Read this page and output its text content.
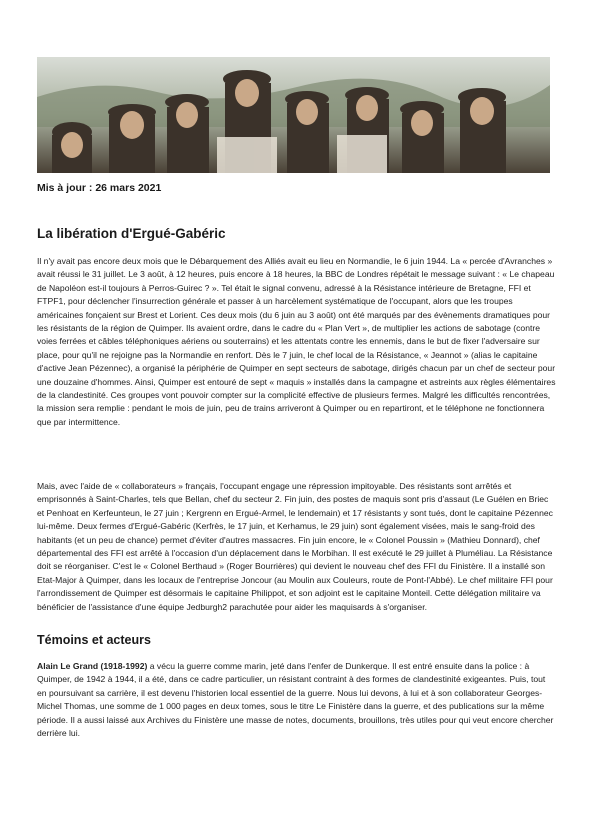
Mis à jour : 26 mars 2021
La libération d'Ergué-Gabéric

Il n'y avait pas encore deux mois que le Débarquement des Alliés avait eu lieu en Normandie, le 6 juin 1944. La « percée d'Avranches » avait réussi le 31 juillet. Le 3 août, à 12 heures, puis encore à 18 heures, la BBC de Londres répétait le message suivant : « Le chapeau de Napoléon est-il toujours à Perros-Guirec ? ». Tel était le signal convenu, adressé à la Résistance intérieure de Bretagne, FFI et FTPF1, pour déclencher l'insurrection générale et passer à un harcèlement systématique de l'occupant, alors que les troupes américaines fonçaient sur Brest et Lorient. Ces deux mois (du 6 juin au 3 août) ont été marqués par des évènements dramatiques pour les résistants de la région de Quimper. Ils avaient ordre, dans le cadre du « Plan Vert », de multiplier les actions de sabotage (contre voies ferrées et câbles téléphoniques aériens ou souterrains) et les attentats contre les ennemis, dans le but de fixer l'adversaire sur place, pour qu'il ne rejoigne pas la Normandie en renfort. Dès le 7 juin, le chef local de la Résistance, « Jeannot » (alias le capitaine d'active Jean Pézennec), a organisé la périphérie de Quimper en sept secteurs de sabotage, dirigés chacun par un chef de secteur pour une douzaine d'hommes. Ainsi, Quimper est entouré de sept « maquis » installés dans la campagne et astreints aux règles élémentaires de la clandestinité. Ces groupes vont pouvoir compter sur la complicité effective de plusieurs fermes. Malgré les difficultés rencontrées, la mission sera remplie : pendant le mois de juin, peu de trains arriveront à Quimper ou en repartiront, et le téléphone ne fonctionnera que par intermittence.

Mais, avec l'aide de « collaborateurs » français, l'occupant engage une répression impitoyable. Des résistants sont arrêtés et emprisonnés à Saint-Charles, tels que Bellan, chef du secteur 2. Fin juin, des postes de maquis sont pris d'assaut (Le Guélen en Briec et Penhoat en Kerfeunteun, le 27 juin ; Kergrenn en Ergué-Armel, le lendemain) et 17 résistants y sont tués, dont le capitaine Pézennec lui-même. Deux fermes d'Ergué-Gabéric (Kerfrès, le 17 juin, et Kerhamus, le 29 juin) sont également visées, mais le sang-froid des habitants (et un peu de chance) permet d'éviter d'autres massacres. Fin juin encore, le « Colonel Poussin » (Mathieu Donnard), chef départemental des FFI est arrêté à l'occasion d'un déplacement dans le Morbihan. Il est exécuté le 29 juillet à Pluméliau. La Résistance doit se réorganiser. C'est le « Colonel Berthaud » (Roger Bourrières) qui devient le nouveau chef des FFI du Finistère. Il a installé son Etat-Major à Quimper, dans les locaux de l'entreprise Joncour (au Moulin aux Couleurs, route de Pont-l'Abbé). Le chef militaire FFI pour l'arrondissement de Quimper est désormais le capitaine Philippot, et son adjoint est le capitaine Monteil. Cette délégation militaire va bénéficier de l'assistance d'une équipe Jedburgh2 parachutée pour aider les maquisards à s'organiser.

Témoins et acteurs

Alain Le Grand (1918-1992) a vécu la guerre comme marin, jeté dans l'enfer de Dunkerque. Il est entré ensuite dans la police : à Quimper, de 1942 à 1944, il a été, dans ce cadre particulier, un résistant contraint à des formes de clandestinité exigeantes. Puis, tout en poursuivant sa carrière, il est devenu l'historien local essentiel de la guerre. Nous lui devons, à lui et à son collaborateur Georges-Michel Thomas, une somme de 1 000 pages en deux tomes, sous le titre Le Finistère dans la guerre, et des publications sur la même période. Il a aussi laissé aux Archives du Finistère une masse de notes, documents, brouillons, très utiles pour qui veut encore chercher derrière lui.
